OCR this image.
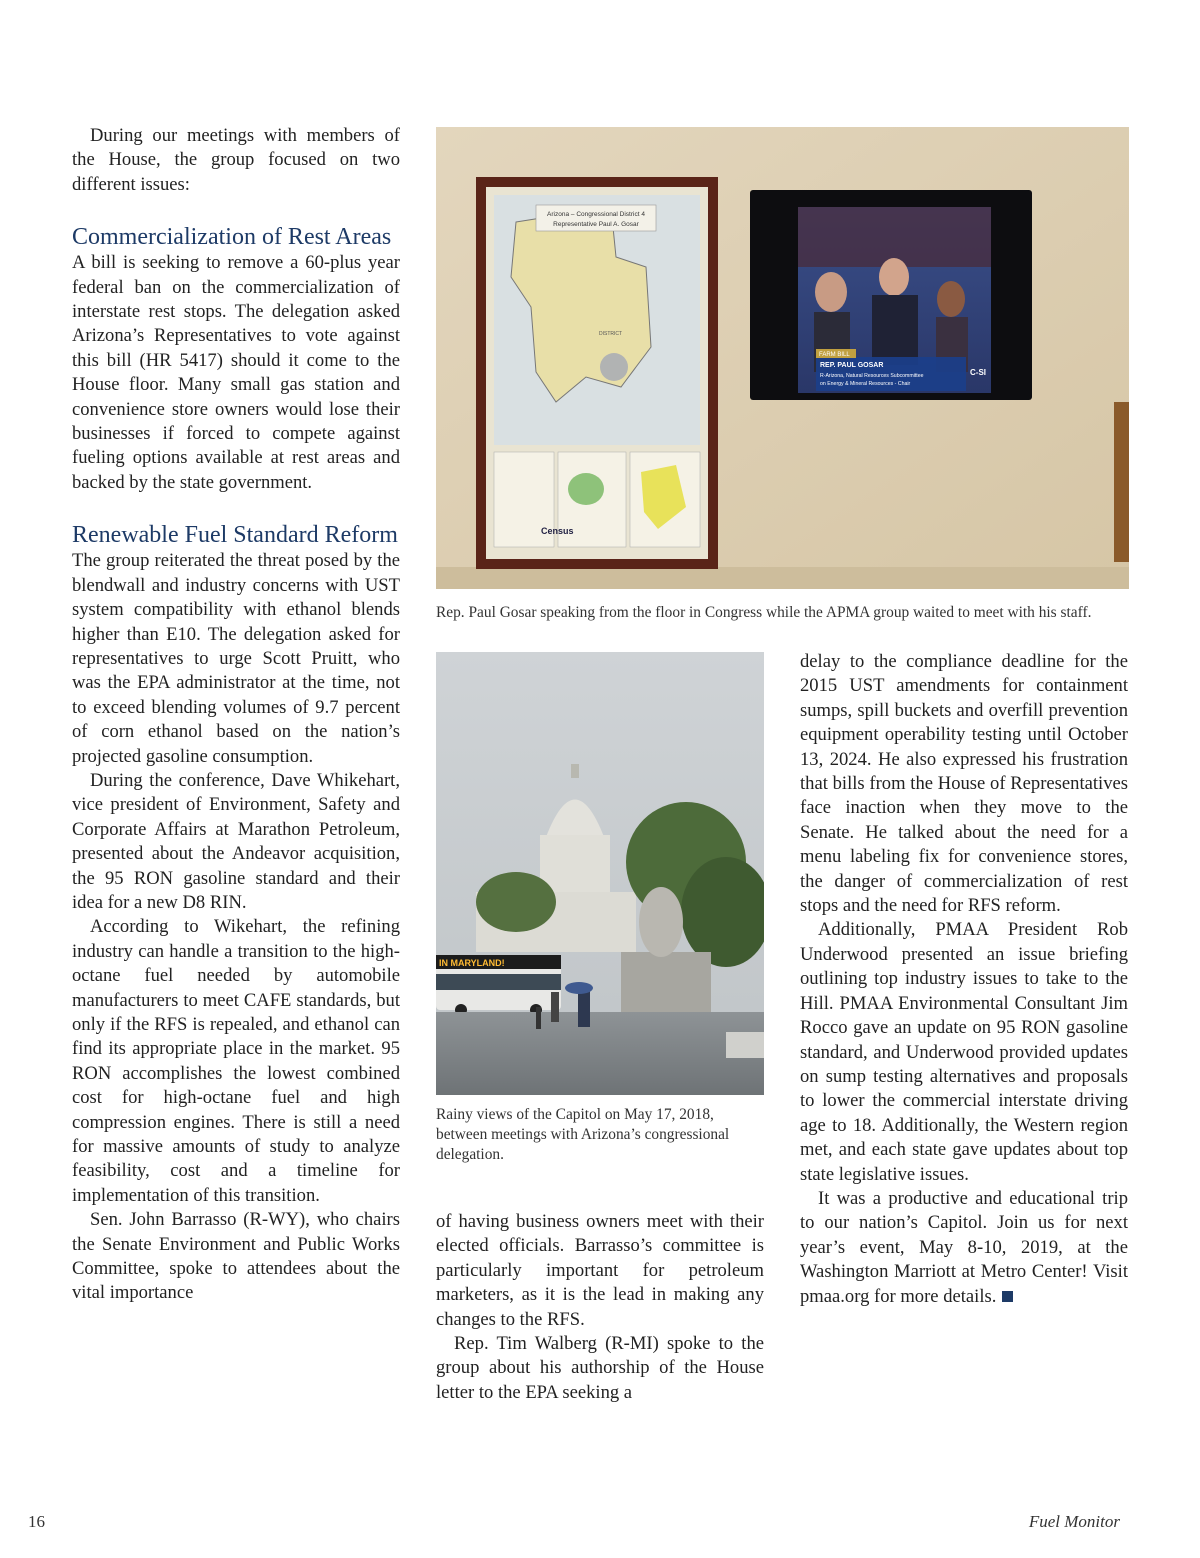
During our meetings with members of the House, the group focused on two different issues:

Commercialization of Rest Areas

A bill is seeking to remove a 60-plus year federal ban on the commercialization of interstate rest stops. The delegation asked Arizona’s Representatives to vote against this bill (HR 5417) should it come to the House floor. Many small gas station and convenience store owners would lose their businesses if forced to compete against fueling options available at rest areas and backed by the state government.

Renewable Fuel Standard Reform

The group reiterated the threat posed by the blendwall and industry concerns with UST system compatibility with ethanol blends higher than E10. The delegation asked for representatives to urge Scott Pruitt, who was the EPA administrator at the time, not to exceed blending volumes of 9.7 percent of corn ethanol based on the nation’s projected gasoline consumption.

During the conference, Dave Whikehart, vice president of Environment, Safety and Corporate Affairs at Marathon Petroleum, presented about the Andeavor acquisition, the 95 RON gasoline standard and their idea for a new D8 RIN.

According to Wikehart, the refining industry can handle a transition to the high-octane fuel needed by automobile manufacturers to meet CAFE standards, but only if the RFS is repealed, and ethanol can find its appropriate place in the market. 95 RON accomplishes the lowest combined cost for high-octane fuel and high compression engines. There is still a need for massive amounts of study to analyze feasibility, cost and a timeline for implementation of this transition.

Sen. John Barrasso (R-WY), who chairs the Senate Environment and Public Works Committee, spoke to attendees about the vital importance

Arizona – Congressional District 4
Representative Paul A. Gosar
DISTRICT
Census
FARM BILL
REP. PAUL GOSAR
R-Arizona, Natural Resources Subcommittee
on Energy & Mineral Resources - Chair
C-SI
Rep. Paul Gosar speaking from the floor in Congress while the APMA group waited to meet with his staff.
IN MARYLAND!
Rainy views of the Capitol on May 17, 2018, between meetings with Arizona’s congressional delegation.

of having business owners meet with their elected officials. Barrasso’s committee is particularly important for petroleum marketers, as it is the lead in making any changes to the RFS.

Rep. Tim Walberg (R-MI) spoke to the group about his authorship of the House letter to the EPA seeking a

delay to the compliance deadline for the 2015 UST amendments for containment sumps, spill buckets and overfill prevention equipment operability testing until October 13, 2024. He also expressed his frustration that bills from the House of Representatives face inaction when they move to the Senate. He talked about the need for a menu labeling fix for convenience stores, the danger of commercialization of rest stops and the need for RFS reform.

Additionally, PMAA President Rob Underwood presented an issue briefing outlining top industry issues to take to the Hill. PMAA Environmental Consultant Jim Rocco gave an update on 95 RON gasoline standard, and Underwood provided updates on sump testing alternatives and proposals to lower the commercial interstate driving age to 18. Additionally, the Western region met, and each state gave updates about top state legislative issues.

It was a productive and educational trip to our nation’s Capitol. Join us for next year’s event, May 8-10, 2019, at the Washington Marriott at Metro Center! Visit pmaa.org for more details.

16	Fuel Monitor
